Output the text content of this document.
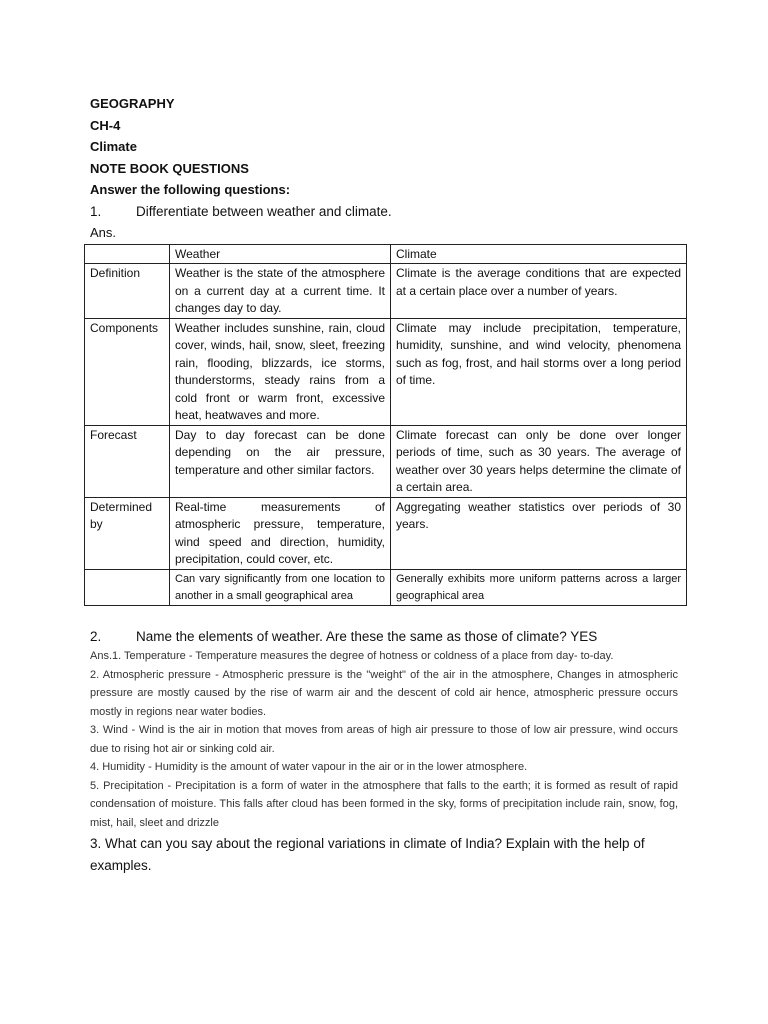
GEOGRAPHY
CH-4
Climate
NOTE BOOK QUESTIONS
Answer the following questions:
1.	Differentiate between weather and climate.
Ans.
	Weather	Climate
Definition	Weather is the state of the atmosphere on a current day at a current time. It changes day to day.	Climate is the average conditions that are expected at a certain place over a number of years.
Components	Weather includes sunshine, rain, cloud cover, winds, hail, snow, sleet, freezing rain, flooding, blizzards, ice storms, thunderstorms, steady rains from a cold front or warm front, excessive heat, heatwaves and more.	Climate may include precipitation, temperature, humidity, sunshine, and wind velocity, phenomena such as fog, frost, and hail storms over a long period of time.
Forecast	Day to day forecast can be done depending on the air pressure, temperature and other similar factors.	Climate forecast can only be done over longer periods of time, such as 30 years. The average of weather over 30 years helps determine the climate of a certain area.
Determined by	Real-time measurements of atmospheric pressure, temperature, wind speed and direction, humidity, precipitation, could cover, etc.	Aggregating weather statistics over periods of 30 years.
	Can vary significantly from one location to another in a small geographical area	Generally exhibits more uniform patterns across a larger geographical area
2.	Name the elements of weather. Are these the same as those of climate? YES

Ans.1. Temperature - Temperature measures the degree of hotness or coldness of a place from day- to-day.

2. Atmospheric pressure - Atmospheric pressure is the "weight" of the air in the atmosphere, Changes in atmospheric pressure are mostly caused by the rise of warm air and the descent of cold air hence, atmospheric pressure occurs mostly in regions near water bodies.

3. Wind - Wind is the air in motion that moves from areas of high air pressure to those of low air pressure, wind occurs due to rising hot air or sinking cold air.

4. Humidity - Humidity is the amount of water vapour in the air or in the lower atmosphere.

5. Precipitation - Precipitation is a form of water in the atmosphere that falls to the earth; it is formed as result of rapid condensation of moisture. This falls after cloud has been formed in the sky, forms of precipitation include rain, snow, fog, mist, hail, sleet and drizzle

3. What can you say about the regional variations in climate of India? Explain with the help of examples.
